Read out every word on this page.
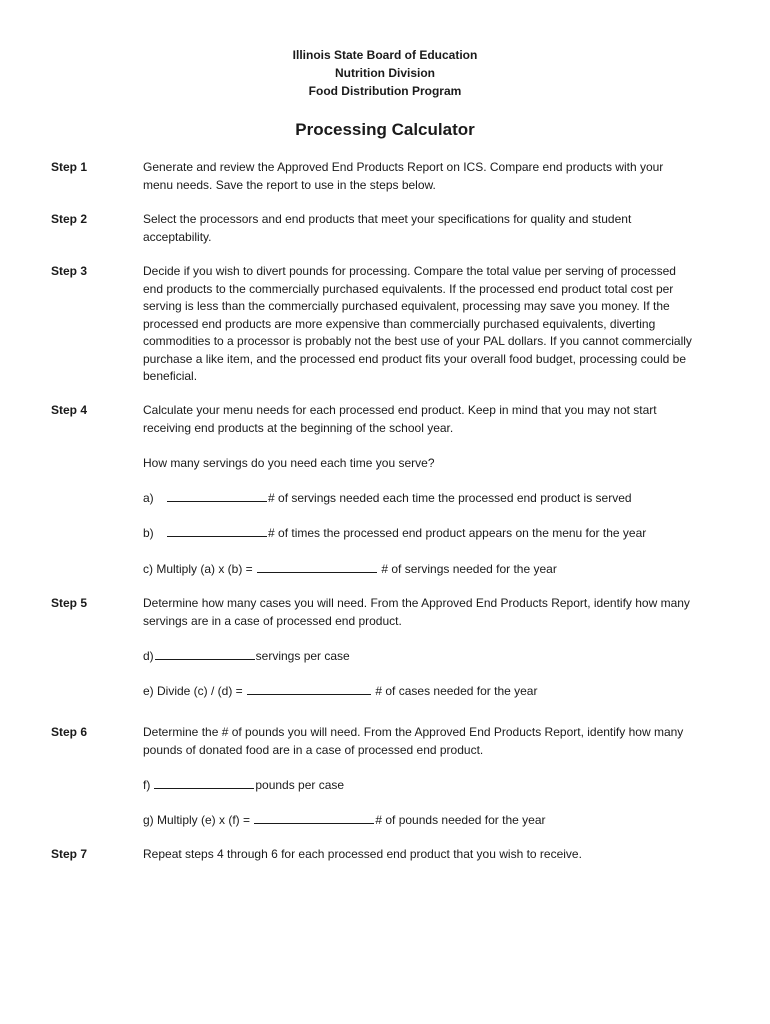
Illinois State Board of Education
Nutrition Division
Food Distribution Program
Processing Calculator
Step 1	Generate and review the Approved End Products Report on ICS. Compare end products with your menu needs. Save the report to use in the steps below.
Step 2	Select the processors and end products that meet your specifications for quality and student acceptability.
Step 3	Decide if you wish to divert pounds for processing. Compare the total value per serving of processed end products to the commercially purchased equivalents. If the processed end product total cost per serving is less than the commercially purchased equivalent, processing may save you money. If the processed end products are more expensive than commercially purchased equivalents, diverting commodities to a processor is probably not the best use of your PAL dollars. If you cannot commercially purchase a like item, and the processed end product fits your overall food budget, processing could be beneficial.
Step 4	Calculate your menu needs for each processed end product. Keep in mind that you may not start receiving end products at the beginning of the school year.
How many servings do you need each time you serve?
a)	# of servings needed each time the processed end product is served
b)	# of times the processed end product appears on the menu for the year
c) Multiply (a) x (b) =	# of servings needed for the year
Step 5	Determine how many cases you will need. From the Approved End Products Report, identify how many servings are in a case of processed end product.
d)	servings per case
e) Divide (c) / (d) =	# of cases needed for the year
Step 6	Determine the # of pounds you will need. From the Approved End Products Report, identify how many pounds of donated food are in a case of processed end product.
f)	pounds per case
g) Multiply (e) x (f) =	# of pounds needed for the year
Step 7	Repeat steps 4 through 6 for each processed end product that you wish to receive.
